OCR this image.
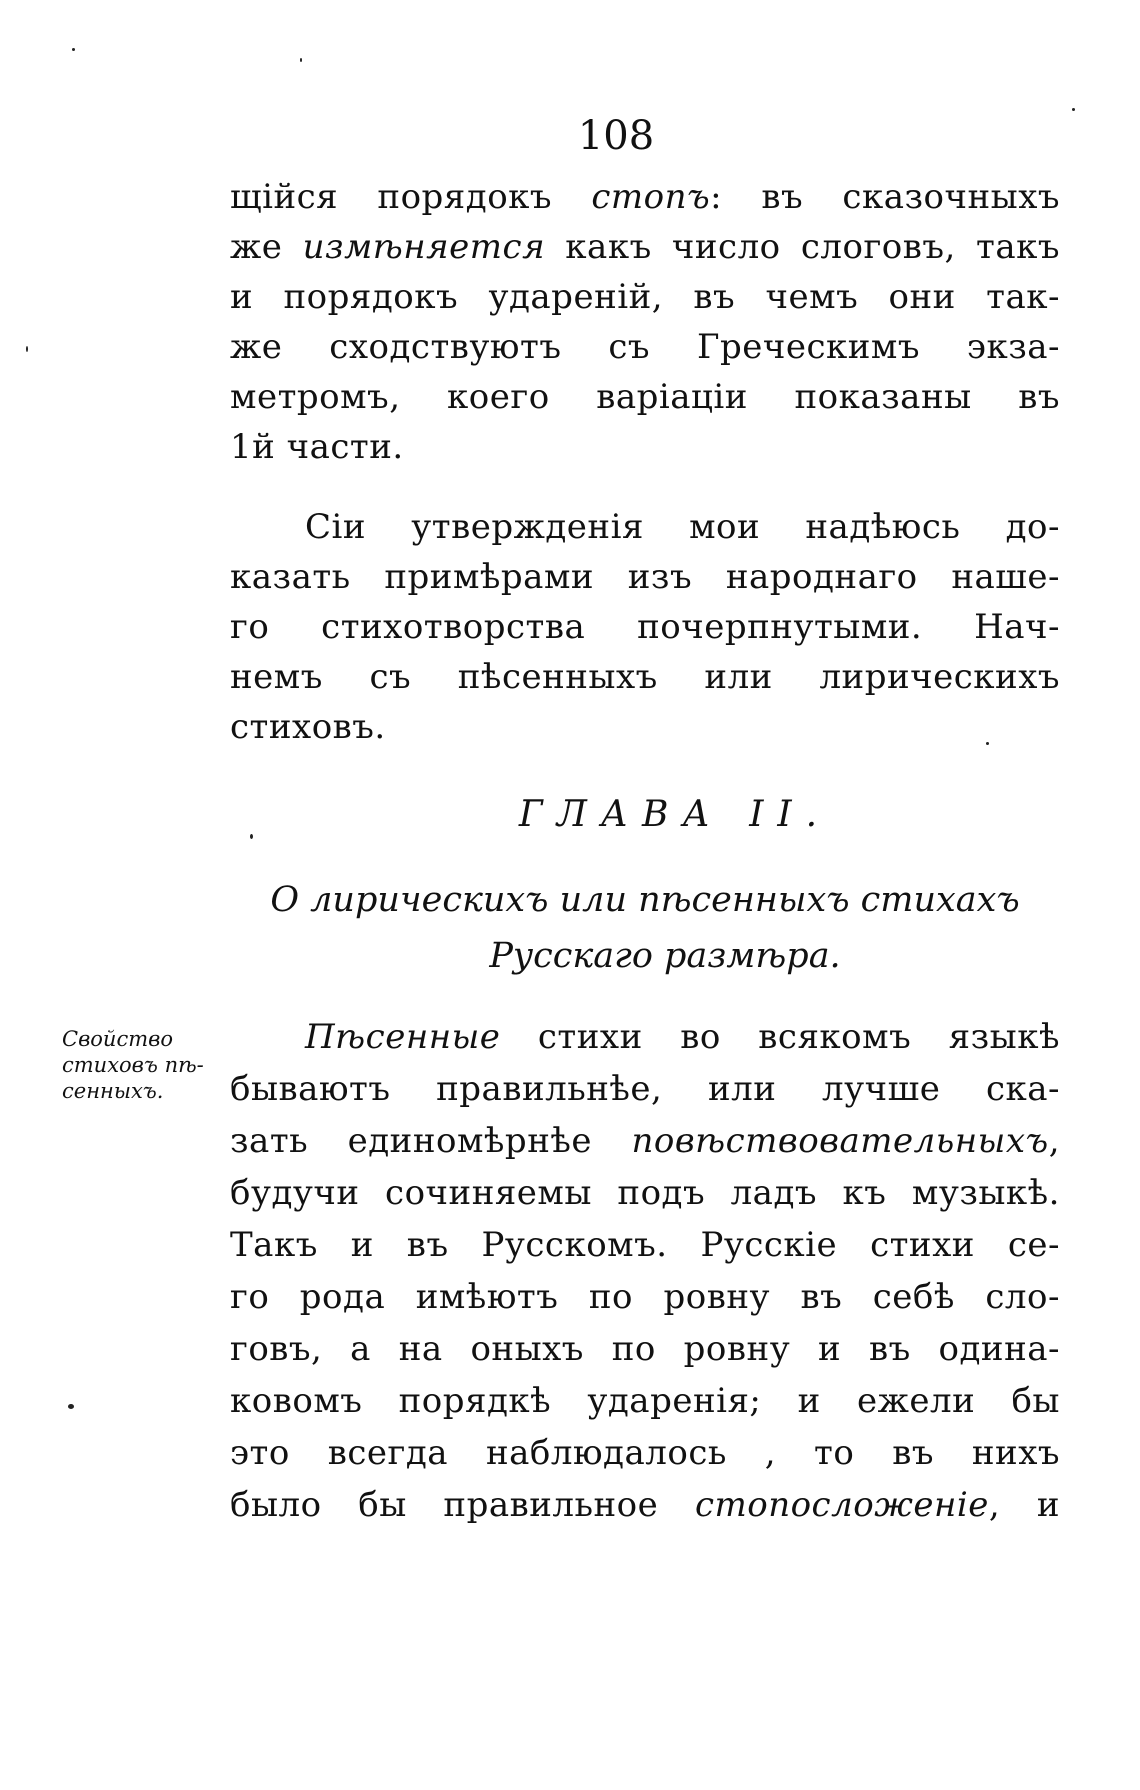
108
щійся порядокъ стопъ: въ сказочныхъ
же измѣняется какъ число слоговъ, такъ
и порядокъ удареній, въ чемъ они так-
же сходствуютъ съ Греческимъ экза-
метромъ, коего варіаціи показаны въ
1й части.
Сіи утвержденія мои надѣюсь до-
казать примѣрами изъ народнаго наше-
го стихотворства почерпнутыми. Нач-
немъ съ пѣсенныхъ или лирическихъ
стиховъ.
ГЛАВА II.
О лирическихъ или пѣсенныхъ стихахъ
Русскаго размѣра.
Свойство
стиховъ пѣ-
сенныхъ.
Пѣсенные стихи во всякомъ языкѣ
бываютъ правильнѣе, или лучше ска-
зать единомѣрнѣе повѣствовательныхъ,
будучи сочиняемы подъ ладъ къ музыкѣ.
Такъ и въ Русскомъ. Русскіе стихи се-
го рода имѣютъ по ровну въ себѣ сло-
говъ, а на оныхъ по ровну и въ одина-
ковомъ порядкѣ ударенія; и ежели бы
это всегда наблюдалось , то въ нихъ
было бы правильное стопосложеніе, и
